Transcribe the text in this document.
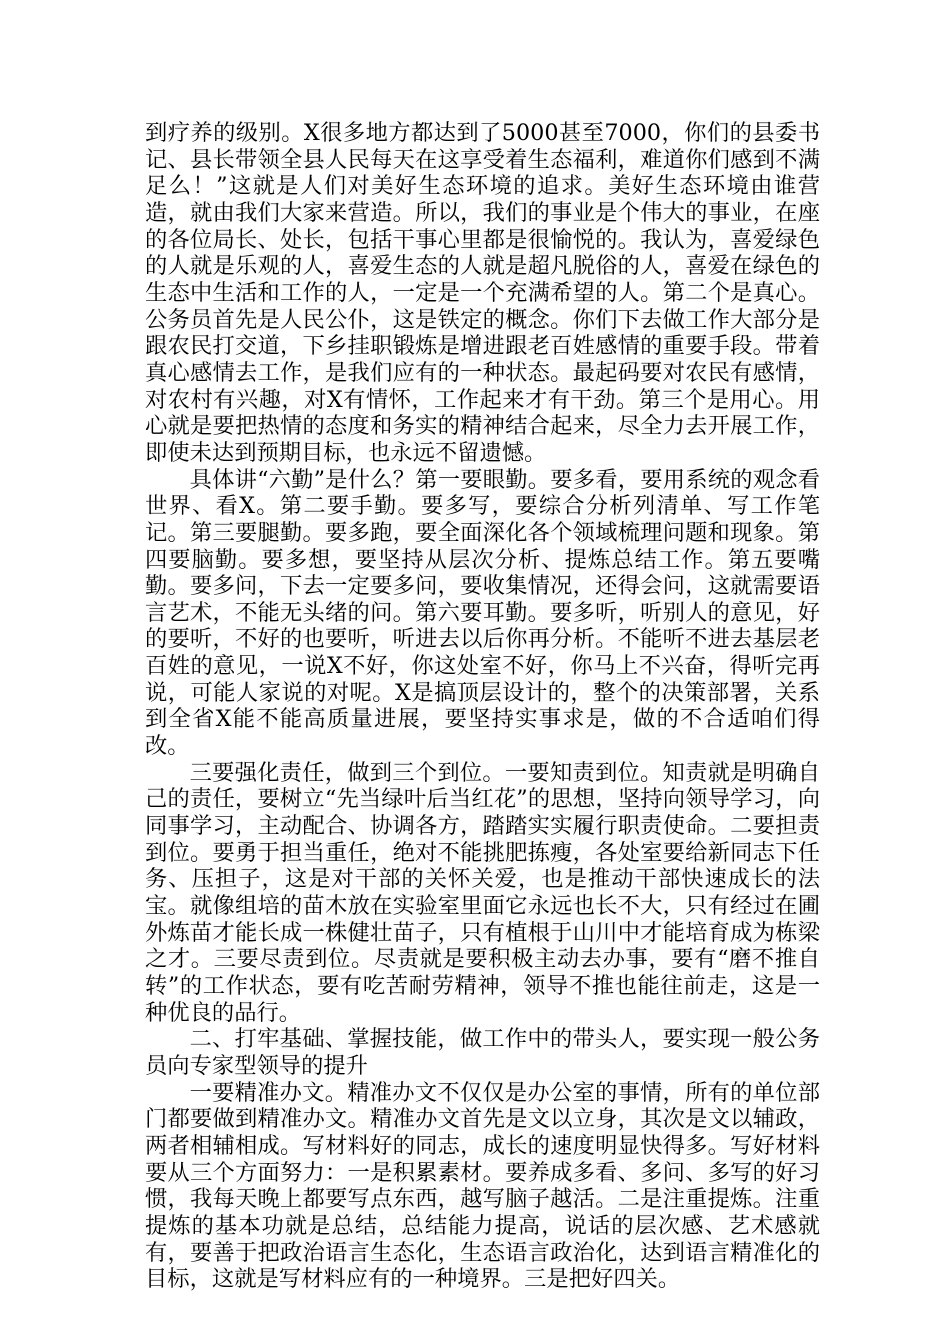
到疗养的级别。X很多地方都达到了5000甚至7000，你们的县委书记、县长带领全县人民每天在这享受着生态福利，难道你们感到不满足么！”这就是人们对美好生态环境的追求。美好生态环境由谁营造，就由我们大家来营造。所以，我们的事业是个伟大的事业，在座的各位局长、处长，包括干事心里都是很愉悦的。我认为，喜爱绿色的人就是乐观的人，喜爱生态的人就是超凡脱俗的人，喜爱在绿色的生态中生活和工作的人，一定是一个充满希望的人。第二个是真心。公务员首先是人民公仆，这是铁定的概念。你们下去做工作大部分是跟农民打交道，下乡挂职锻炼是增进跟老百姓感情的重要手段。带着真心感情去工作，是我们应有的一种状态。最起码要对农民有感情，对农村有兴趣，对X有情怀，工作起来才有干劲。第三个是用心。用心就是要把热情的态度和务实的精神结合起来，尽全力去开展工作，即使未达到预期目标，也永远不留遗憾。

具体讲“六勤”是什么？第一要眼勤。要多看，要用系统的观念看世界、看X。第二要手勤。要多写，要综合分析列清单、写工作笔记。第三要腿勤。要多跑，要全面深化各个领域梳理问题和现象。第四要脑勤。要多想，要坚持从层次分析、提炼总结工作。第五要嘴勤。要多问，下去一定要多问，要收集情况，还得会问，这就需要语言艺术，不能无头绪的问。第六要耳勤。要多听，听别人的意见，好的要听，不好的也要听，听进去以后你再分析。不能听不进去基层老百姓的意见，一说X不好，你这处室不好，你马上不兴奋，得听完再说，可能人家说的对呢。X是搞顶层设计的，整个的决策部署，关系到全省X能不能高质量进展，要坚持实事求是，做的不合适咱们得改。

三要强化责任，做到三个到位。一要知责到位。知责就是明确自己的责任，要树立“先当绿叶后当红花”的思想，坚持向领导学习，向同事学习，主动配合、协调各方，踏踏实实履行职责使命。二要担责到位。要勇于担当重任，绝对不能挑肥拣瘦，各处室要给新同志下任务、压担子，这是对干部的关怀关爱，也是推动干部快速成长的法宝。就像组培的苗木放在实验室里面它永远也长不大，只有经过在圃外炼苗才能长成一株健壮苗子，只有植根于山川中才能培育成为栋梁之才。三要尽责到位。尽责就是要积极主动去办事，要有“磨不推自转”的工作状态，要有吃苦耐劳精神，领导不推也能往前走，这是一种优良的品行。

二、打牢基础、掌握技能，做工作中的带头人，要实现一般公务员向专家型领导的提升

一要精准办文。精准办文不仅仅是办公室的事情，所有的单位部门都要做到精准办文。精准办文首先是文以立身，其次是文以辅政，两者相辅相成。写材料好的同志，成长的速度明显快得多。写好材料要从三个方面努力：一是积累素材。要养成多看、多问、多写的好习惯，我每天晚上都要写点东西，越写脑子越活。二是注重提炼。注重提炼的基本功就是总结，总结能力提高，说话的层次感、艺术感就有，要善于把政治语言生态化，生态语言政治化，达到语言精准化的目标，这就是写材料应有的一种境界。三是把好四关。
